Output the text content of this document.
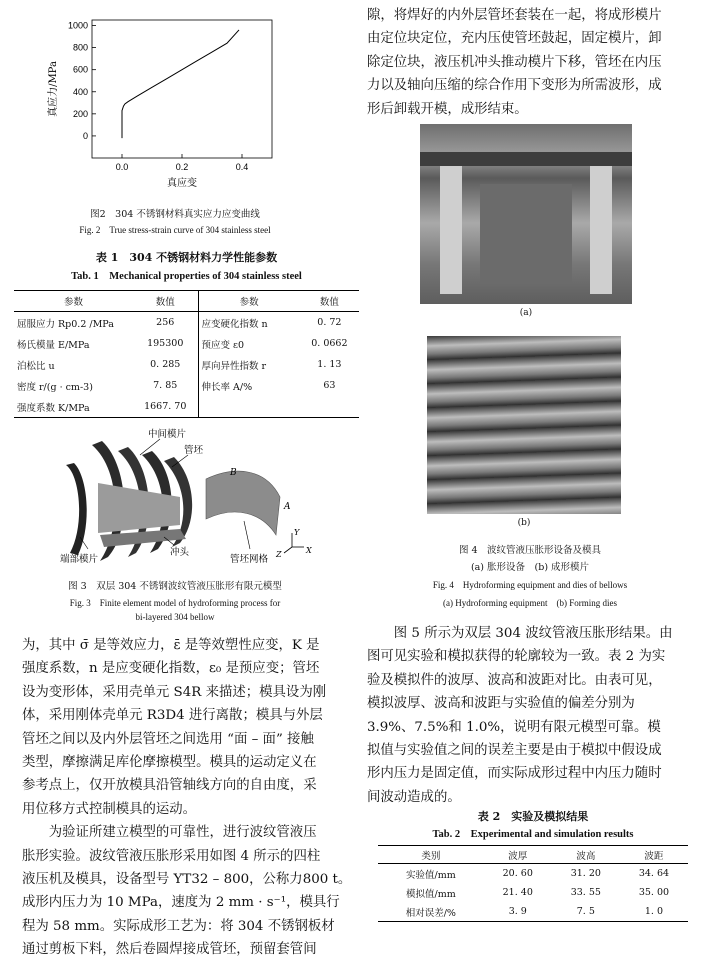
0.0	0.2	0.4
0
200
400
600
800
1000
真应变
真应力/MPa
图2　304 不锈钢材料真实应力应变曲线
Fig. 2　True stress-strain curve of 304 stainless steel
表 1　304 不锈钢材料力学性能参数
Tab. 1　Mechanical properties of 304 stainless steel
参数	数值	参数	数值
屈服应力 Rp0.2 /MPa	256	应变硬化指数 n	0. 72
杨氏模量 E/MPa	195300	预应变 ε0	0. 0662
泊松比 u	0. 285	厚向异性指数 r	1. 13
密度 r/(g · cm-3)	7. 85	伸长率 A/%	63
强度系数 K/MPa	1667. 70		
中间模片
管坯
端部模片
冲头
管坯网格
B
A
Y
X
Z
图 3　双层 304 不锈钢波纹管液压胀形有限元模型
Fig. 3　Finite element model of hydroforming process for
bi-layered 304 bellow
为，其中 σ̄ 是等效应力，ε̄ 是等效塑性应变，K 是
强度系数，n 是应变硬化指数，ε₀ 是预应变；管坯
设为变形体，采用壳单元 S4R 来描述；模具设为刚
体，采用刚体壳单元 R3D4 进行离散；模具与外层
管坯之间以及内外层管坯之间选用 “面 – 面” 接触
类型，摩擦满足库伦摩擦模型。模具的运动定义在
参考点上，仅开放模具沿管轴线方向的自由度，采
用位移方式控制模具的运动。
　　为验证所建立模型的可靠性，进行波纹管液压
胀形实验。波纹管液压胀形采用如图 4 所示的四柱
液压机及模具，设备型号 YT32 – 800，公称力800 t。
成形内压力为 10 MPa，速度为 2 mm · s⁻¹，模具行
程为 58 mm。实际成形工艺为：将 304 不锈钢板材
通过剪板下料，然后卷圆焊接成管坯，预留套管间
隙，将焊好的内外层管坯套装在一起，将成形模片
由定位块定位，充内压使管坯鼓起，固定模片，卸
除定位块，液压机冲头推动模片下移，管坯在内压
力以及轴向压缩的综合作用下变形为所需波形，成
形后卸载开模，成形结束。
(a)
(b)
图 4　波纹管液压胀形设备及模具
(a) 胀形设备　(b) 成形模片
Fig. 4　Hydroforming equipment and dies of bellows
(a) Hydroforming equipment　(b) Forming dies
　　图 5 所示为双层 304 波纹管液压胀形结果。由
图可见实验和模拟获得的轮廓较为一致。表 2 为实
验及模拟件的波厚、波高和波距对比。由表可见，
模拟波厚、波高和波距与实验值的偏差分别为
3.9%、7.5%和 1.0%，说明有限元模型可靠。模
拟值与实验值之间的误差主要是由于模拟中假设成
形内压力是固定值，而实际成形过程中内压力随时
间波动造成的。
表 2　实验及模拟结果
Tab. 2　Experimental and simulation results
类别	波厚	波高	波距
实验值/mm	20. 60	31. 20	34. 64
模拟值/mm	21. 40	33. 55	35. 00
相对误差/%	3. 9	7. 5	1. 0
